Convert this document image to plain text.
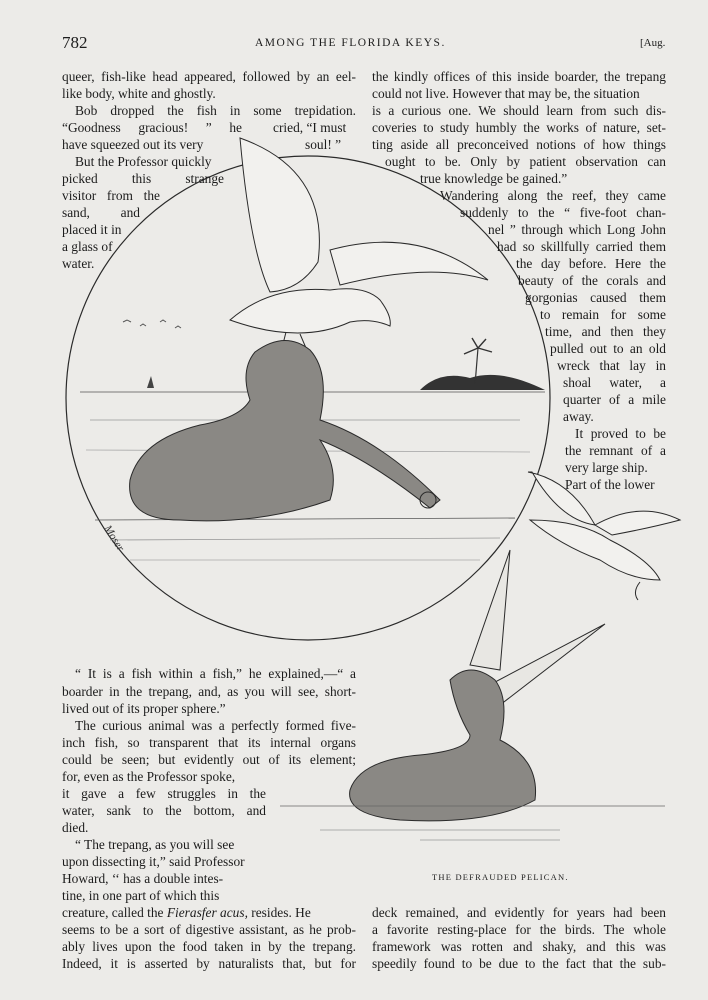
782	AMONG THE FLORIDA KEYS.	[Aug.
Moser
queer, fish-like head appeared, followed by an eel-
like body, white and ghostly.
Bob dropped the fish in some trepidation.
“Goodness gracious! ” he cried, “I must
have squeezed out its very	soul! ”
But the Professor quickly
picked this strange
visitor from the
sand, and
placed it in
a glass of
water.
“ It is a fish within a fish,” he explained,—“ a
boarder in the trepang, and, as you will see, short-
lived out of its proper sphere.”
The curious animal was a perfectly formed five-
inch fish, so transparent that its internal organs
could be seen; but evidently out of its element;
for, even as the Professor spoke,
it gave a few struggles in the
water, sank to the bottom, and
died.
“ The trepang, as you will see
upon dissecting it,” said Professor
Howard, ‘‘ has a double intes-
tine, in one part of which this
creature, called the Fierasfer acus, resides. He
seems to be a sort of digestive assistant, as he prob-
ably lives upon the food taken in by the trepang.
Indeed, it is asserted by naturalists that, but for
the kindly offices of this inside boarder, the trepang
could not live. However that may be, the situation
is a curious one. We should learn from such dis-
coveries to study humbly the works of nature, set-
ting aside all preconceived notions of how things
ought to be. Only by patient observation can
true knowledge be gained.”
Wandering along the reef, they came
suddenly to the “ five-foot chan-
nel ” through which Long John
had so skillfully carried them
the day before. Here the
beauty of the corals and
gorgonias caused them
to remain for some
time, and then they
pulled out to an old
wreck that lay in
shoal water, a
quarter of a mile
away.
It proved to be
the remnant of a
very large ship.
Part of the lower
THE DEFRAUDED PELICAN.
deck remained, and evidently for years had been
a favorite resting-place for the birds. The whole
framework was rotten and shaky, and this was
speedily found to be due to the fact that the sub-
